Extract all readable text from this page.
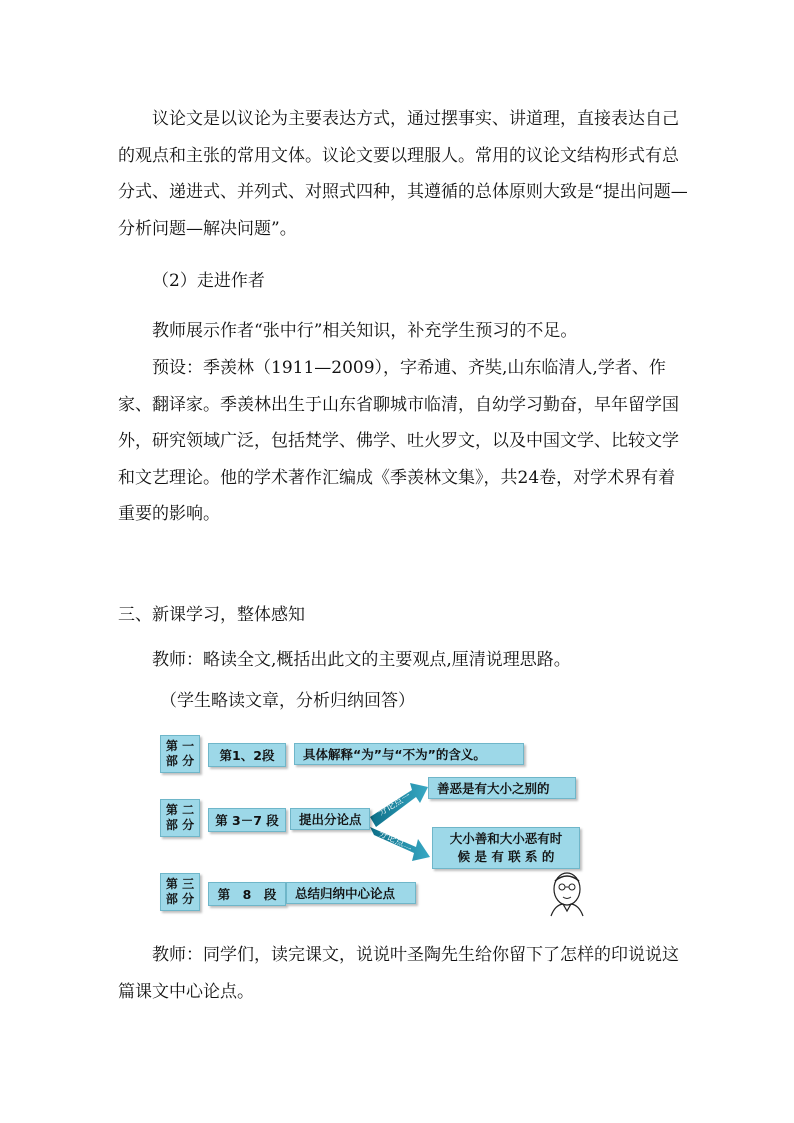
议论文是以议论为主要表达方式，通过摆事实、讲道理，直接表达自己的观点和主张的常用文体。议论文要以理服人。常用的议论文结构形式有总分式、递进式、并列式、对照式四种，其遵循的总体原则大致是“提出问题—分析问题—解决问题”。

（2）走进作者

教师展示作者“张中行”相关知识，补充学生预习的不足。

预设：季羡林（1911—2009），字希逋、齐奘,山东临清人,学者、作家、翻译家。季羡林出生于山东省聊城市临清，自幼学习勤奋，早年留学国外，研究领域广泛，包括梵学、佛学、吐火罗文，以及中国文学、比较文学和文艺理论。他的学术著作汇编成《季羡林文集》，共24卷，对学术界有着重要的影响。

三、新课学习，整体感知

教师：略读全文,概括出此文的主要观点,厘清说理思路。

（学生略读文章，分析归纳回答）

第 一
部 分	第1、2段	具体解释“为”与“不为”的含义。
第 二
部 分	第 3－7 段	提出分论点
分论点一
分论点二
善恶是有大小之别的
大小善和大小恶有时
候 是 有 联 系 的
第 三
部 分	第　8　段	总结归纳中心论点

教师：同学们，读完课文，说说叶圣陶先生给你留下了怎样的印说说这篇课文中心论点。
